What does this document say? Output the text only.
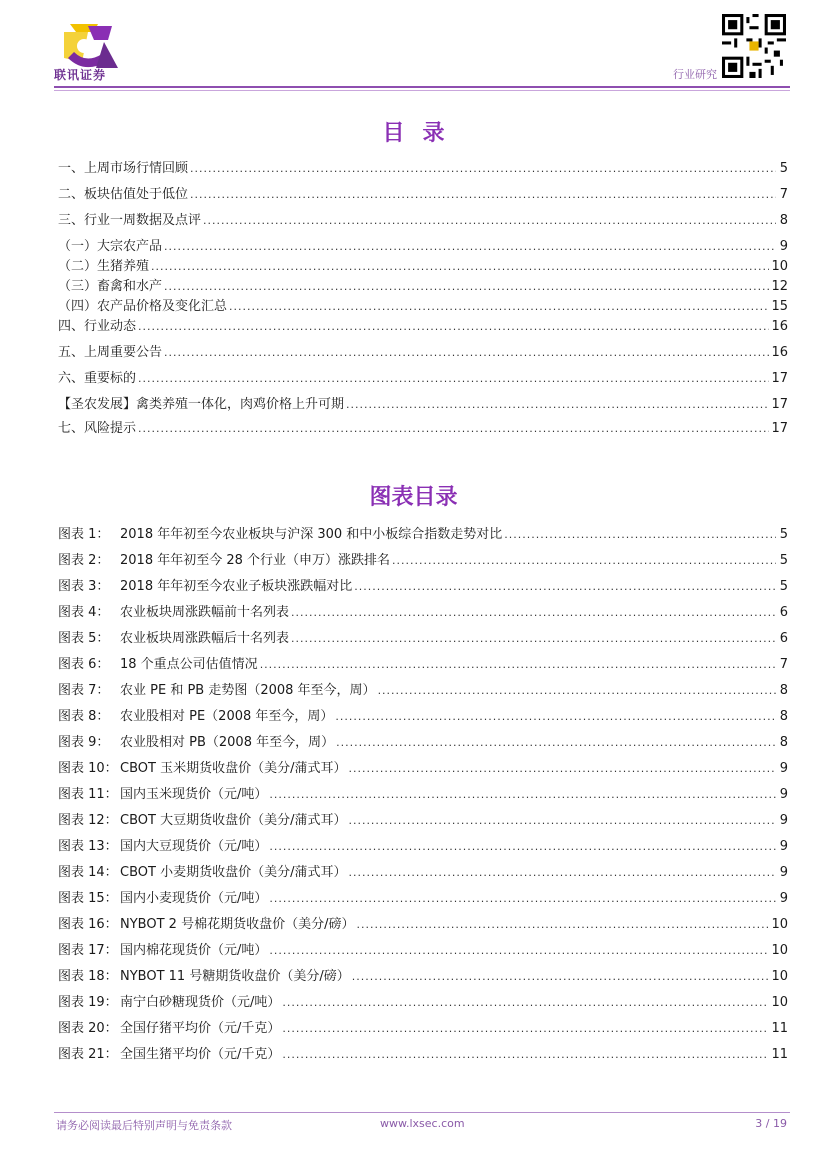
联讯证券	行业研究
目录
一、上周市场行情回顾 .....	5
二、板块估值处于低位 .....	7
三、行业一周数据及点评 .....	8
（一）大宗农产品 .....	9
（二）生猪养殖 .....	10
（三）畜禽和水产 .....	12
（四）农产品价格及变化汇总 .....	15
四、行业动态 .....	16
五、上周重要公告 .....	16
六、重要标的 .....	17
【圣农发展】禽类养殖一体化，肉鸡价格上升可期 .....	17
七、风险提示 .....	17
图表目录
图表 1： 2018 年年初至今农业板块与沪深 300 和中小板综合指数走势对比 .....	5
图表 2： 2018 年年初至今 28 个行业（申万）涨跌排名 .....	5
图表 3： 2018 年年初至今农业子板块涨跌幅对比 .....	5
图表 4： 农业板块周涨跌幅前十名列表 .....	6
图表 5： 农业板块周涨跌幅后十名列表 .....	6
图表 6： 18 个重点公司估值情况 .....	7
图表 7： 农业 PE 和 PB 走势图（2008 年至今，周） .....	8
图表 8： 农业股相对 PE（2008 年至今，周） .....	8
图表 9： 农业股相对 PB（2008 年至今，周） .....	8
图表 10： CBOT 玉米期货收盘价（美分/蒲式耳） .....	9
图表 11： 国内玉米现货价（元/吨） .....	9
图表 12： CBOT 大豆期货收盘价（美分/蒲式耳） .....	9
图表 13： 国内大豆现货价（元/吨） .....	9
图表 14： CBOT 小麦期货收盘价（美分/蒲式耳） .....	9
图表 15： 国内小麦现货价（元/吨） .....	9
图表 16： NYBOT 2 号棉花期货收盘价（美分/磅） .....	10
图表 17： 国内棉花现货价（元/吨） .....	10
图表 18： NYBOT 11 号糖期货收盘价（美分/磅） .....	10
图表 19： 南宁白砂糖现货价（元/吨） .....	10
图表 20： 全国仔猪平均价（元/千克） .....	11
图表 21： 全国生猪平均价（元/千克） .....	11
请务必阅读最后特别声明与免责条款	www.lxsec.com	3 / 19
